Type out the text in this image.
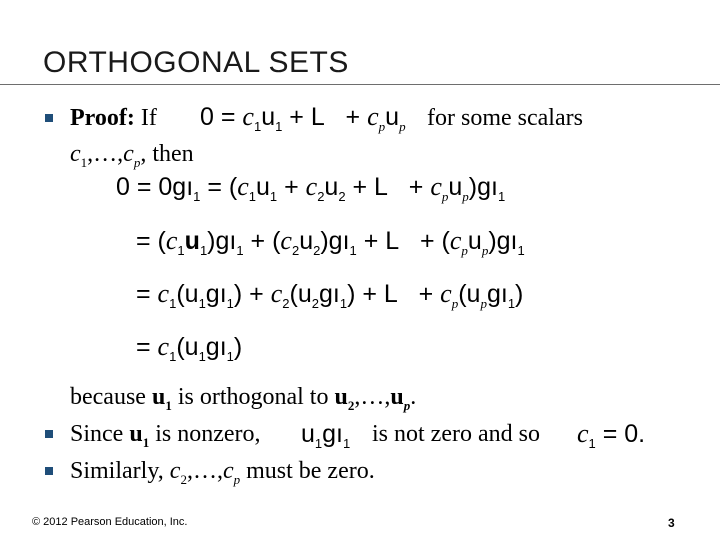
ORTHOGONAL SETS
Proof: If $0 = c_1u_1 + L + c_pu_p$ for some scalars
$c_1,\dots,c_p$, then
$0 = 0gı_1 = (c_1u_1 + c_2u_2 + L$   + $c_pu_p)gı_1$
= $(c_1u_1)gı_1$ + $(c_2u_2)gı_1 + L$   + $(c_pu_p)gı_1$
= $c_1(u_1gı_1)$ + $c_2(u_2gı_1) + L$   + $c_p(u_pgı_1)$
= $c_1(u_1gı_1)$
because $u_1$ is orthogonal to $u_2,\dots,u_p$.
Since $u_1$ is nonzero, $u_1gı_1$ is not zero and so $c_1 = 0$.
Similarly, $c_2,\dots,c_p$ must be zero.
© 2012 Pearson Education, Inc.	3
